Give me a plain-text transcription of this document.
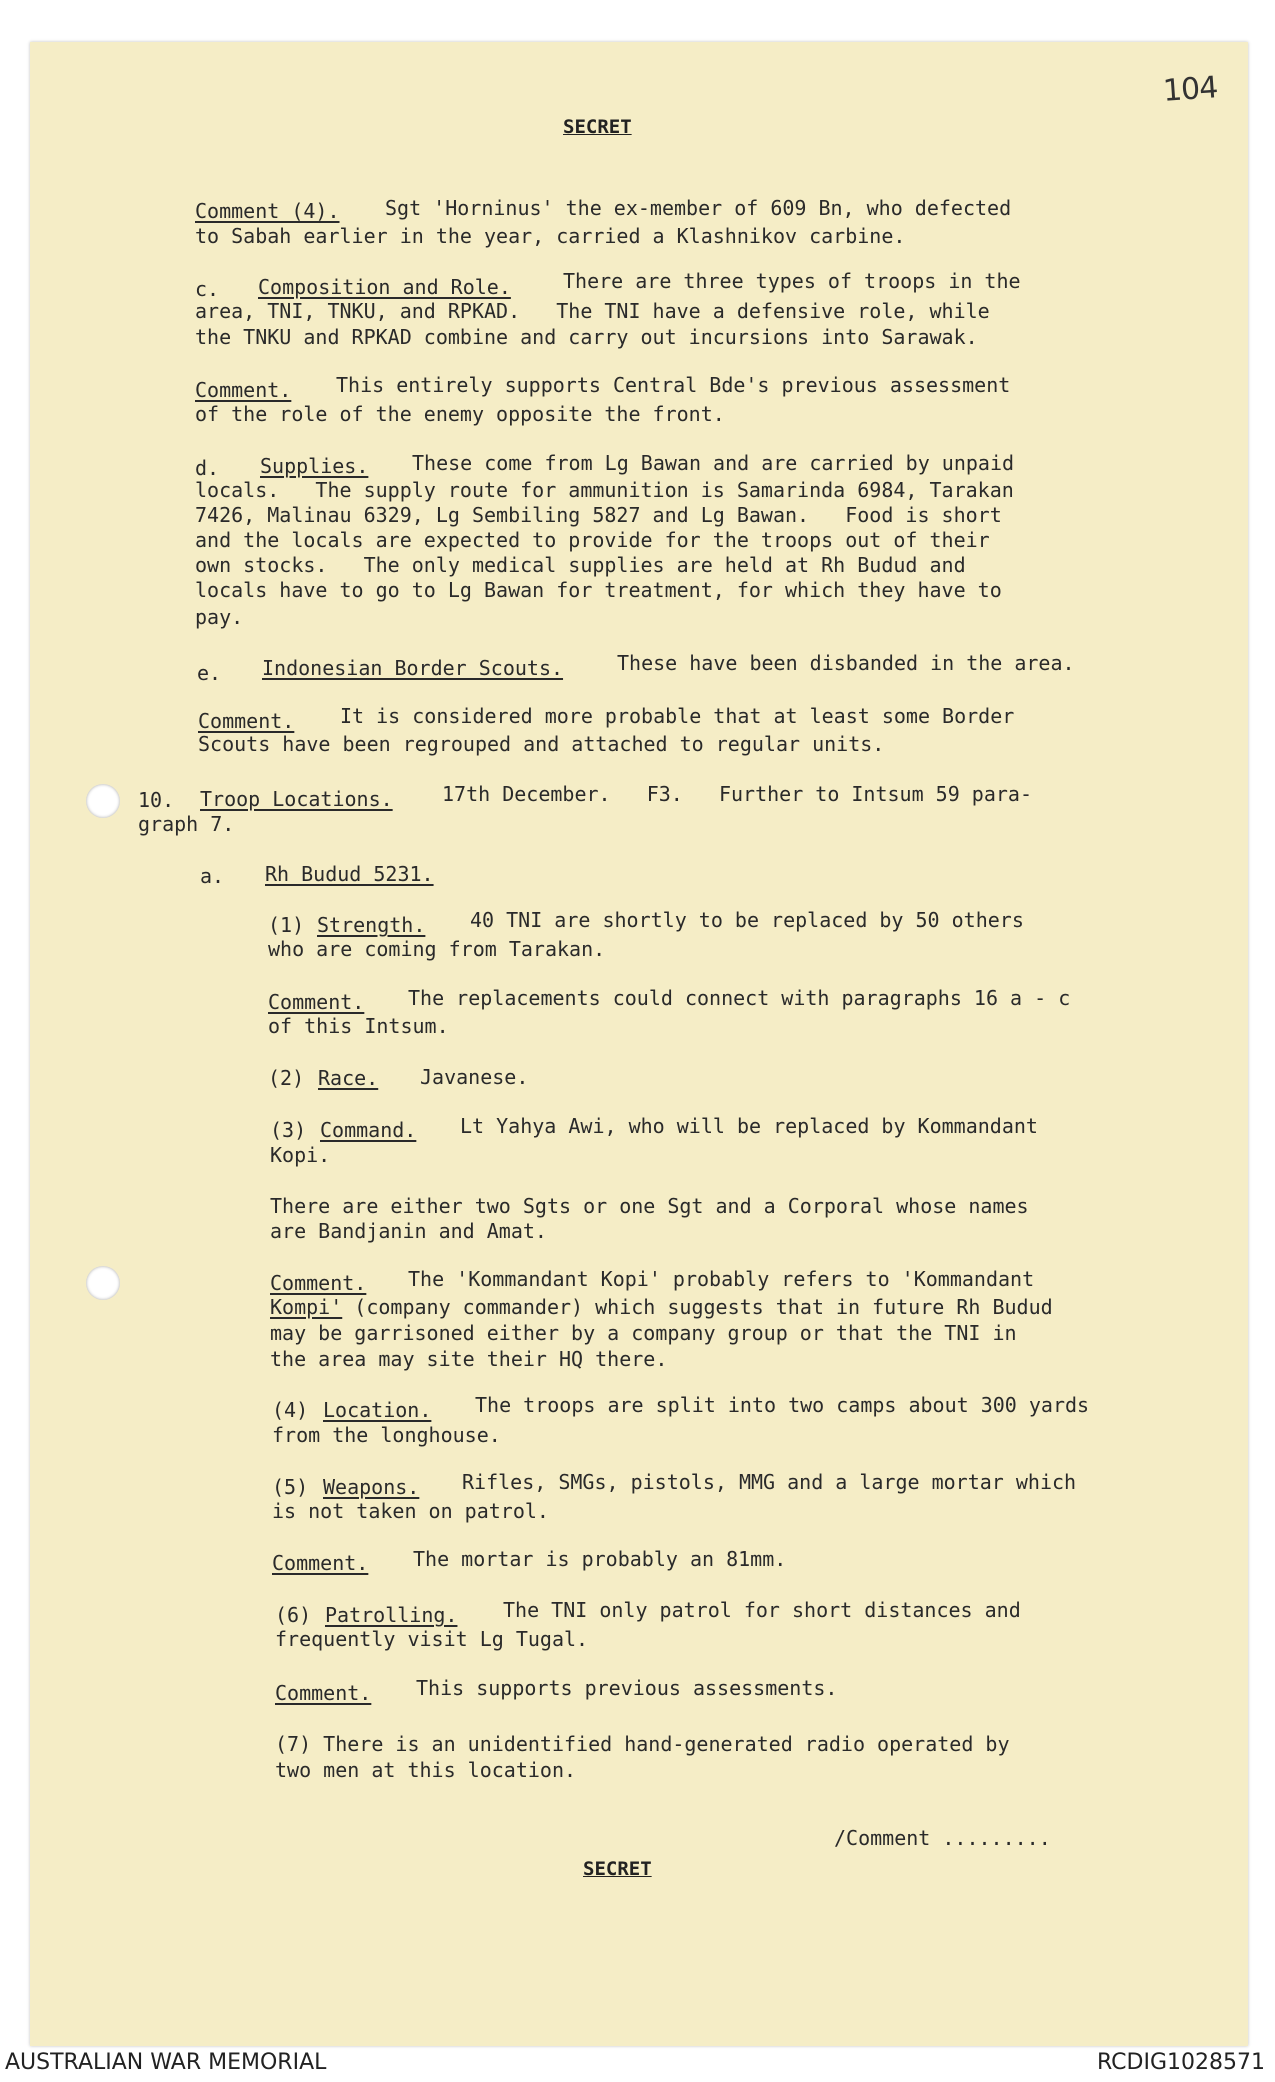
104
SECRET
Comment (4). Sgt 'Horninus' the ex-member of 609 Bn, who defected
to Sabah earlier in the year, carried a Klashnikov carbine.
c. Composition and Role.	There are three types of troops in the
area, TNI, TNKU, and RPKAD.   The TNI have a defensive role, while
the TNKU and RPKAD combine and carry out incursions into Sarawak.
Comment. This entirely supports Central Bde's previous assessment
of the role of the enemy opposite the front.
d. Supplies. These come from Lg Bawan and are carried by unpaid
locals.   The supply route for ammunition is Samarinda 6984, Tarakan
7426, Malinau 6329, Lg Sembiling 5827 and Lg Bawan.   Food is short
and the locals are expected to provide for the troops out of their
own stocks.   The only medical supplies are held at Rh Budud and
locals have to go to Lg Bawan for treatment, for which they have to
pay.
e. Indonesian Border Scouts.	These have been disbanded in the area.
Comment. It is considered more probable that at least some Border
Scouts have been regrouped and attached to regular units.
10. Troop Locations. 17th December.   F3.   Further to Intsum 59 para-
graph 7.
a. Rh Budud 5231.
(1) Strength. 40 TNI are shortly to be replaced by 50 others
who are coming from Tarakan.
Comment. The replacements could connect with paragraphs 16 a - c
of this Intsum.
(2) Race. Javanese.
(3) Command. Lt Yahya Awi, who will be replaced by Kommandant
Kopi.
There are either two Sgts or one Sgt and a Corporal whose names
are Bandjanin and Amat.
Comment. The 'Kommandant Kopi' probably refers to 'Kommandant
Kompi' (company commander) which suggests that in future Rh Budud
may be garrisoned either by a company group or that the TNI in
the area may site their HQ there.
(4) Location. The troops are split into two camps about 300 yards
from the longhouse.
(5) Weapons. Rifles, SMGs, pistols, MMG and a large mortar which
is not taken on patrol.
Comment. The mortar is probably an 81mm.
(6) Patrolling. The TNI only patrol for short distances and
frequently visit Lg Tugal.
Comment. This supports previous assessments.
(7) There is an unidentified hand-generated radio operated by
two men at this location.
/Comment .........
SECRET
AUSTRALIAN WAR MEMORIAL	RCDIG1028571
